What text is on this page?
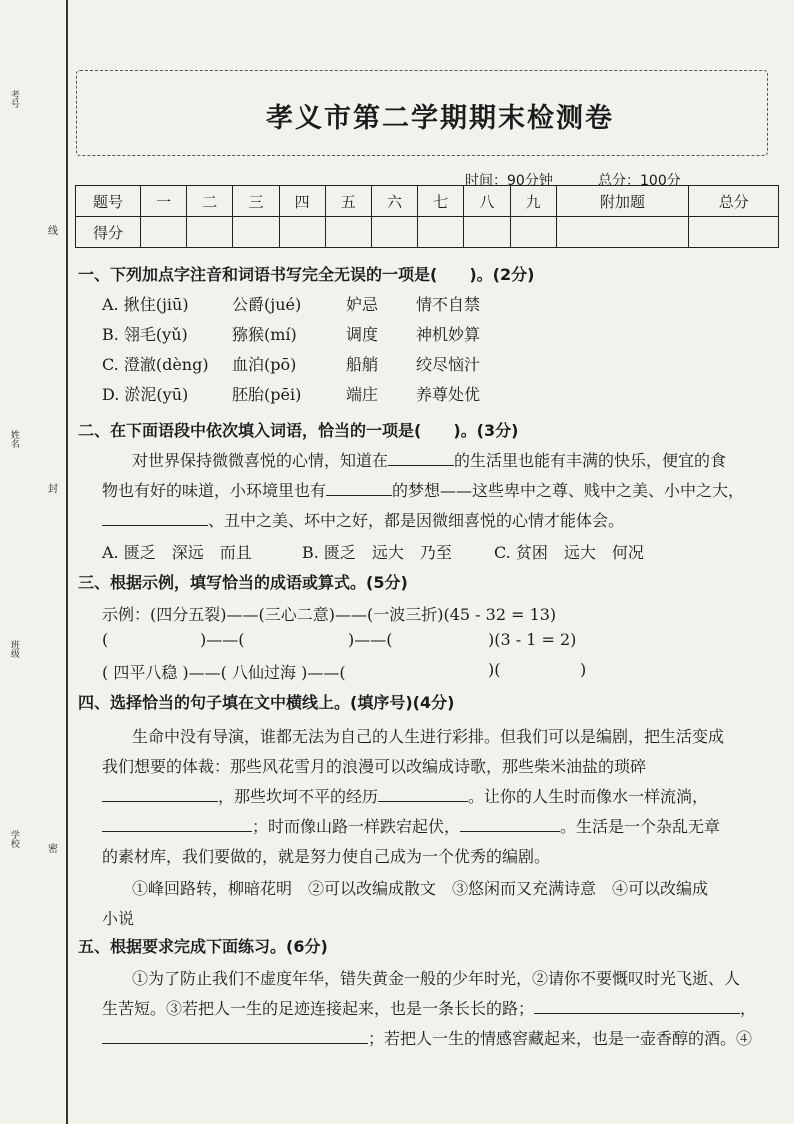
考号
姓名
班级
学校
线
封
密
孝义市第二学期期末检测卷
时间：90分钟	总分：100分
题号	一	二	三	四	五	六	七	八	九	附加题	总分
得分											
一、下列加点字注音和词语书写完全无误的一项是(　　)。(2分)
A. 揪住(jiū)	公爵(jué)	妒忌 情不自禁
B. 翎毛(yǔ)	猕猴(mí)	调度 神机妙算
C. 澄澈(dèng) 血泊(pō)	船艄 绞尽恼汁
D. 淤泥(yū)	胚胎(pēi)	端庄 养尊处优
二、在下面语段中依次填入词语，恰当的一项是(　　)。(3分)
对世界保持微微喜悦的心情，知道在	的生活里也能有丰满的快乐，便宜的食
物也有好的味道，小环境里也有	的梦想——这些卑中之尊、贱中之美、小中之大，
、丑中之美、坏中之好，都是因微细喜悦的心情才能体会。
A. 匮乏　深远　而且	B. 匮乏　远大　乃至	C. 贫困　远大　何况
三、根据示例，填写恰当的成语或算式。(5分)
示例：(四分五裂)——(三心二意)——(一波三折)(45 - 32 = 13)
(	)——(	)——(	)(3 - 1 = 2)
( 四平八稳 )——( 八仙过海 )——(	)(	)
四、选择恰当的句子填在文中横线上。(填序号)(4分)
生命中没有导演，谁都无法为自己的人生进行彩排。但我们可以是编剧，把生活变成
我们想要的体裁：那些风花雪月的浪漫可以改编成诗歌，那些柴米油盐的琐碎
，那些坎坷不平的经历	。让你的人生时而像水一样流淌，
；时而像山路一样跌宕起伏，	。生活是一个杂乱无章
的素材库，我们要做的，就是努力使自己成为一个优秀的编剧。
①峰回路转，柳暗花明　②可以改编成散文　③悠闲而又充满诗意　④可以改编成
小说
五、根据要求完成下面练习。(6分)
①为了防止我们不虚度年华，错失黄金一般的少年时光，②请你不要慨叹时光飞逝、人
生苦短。③若把人一生的足迹连接起来，也是一条长长的路；	，
；若把人一生的情感窖藏起来，也是一壶香醇的酒。④
